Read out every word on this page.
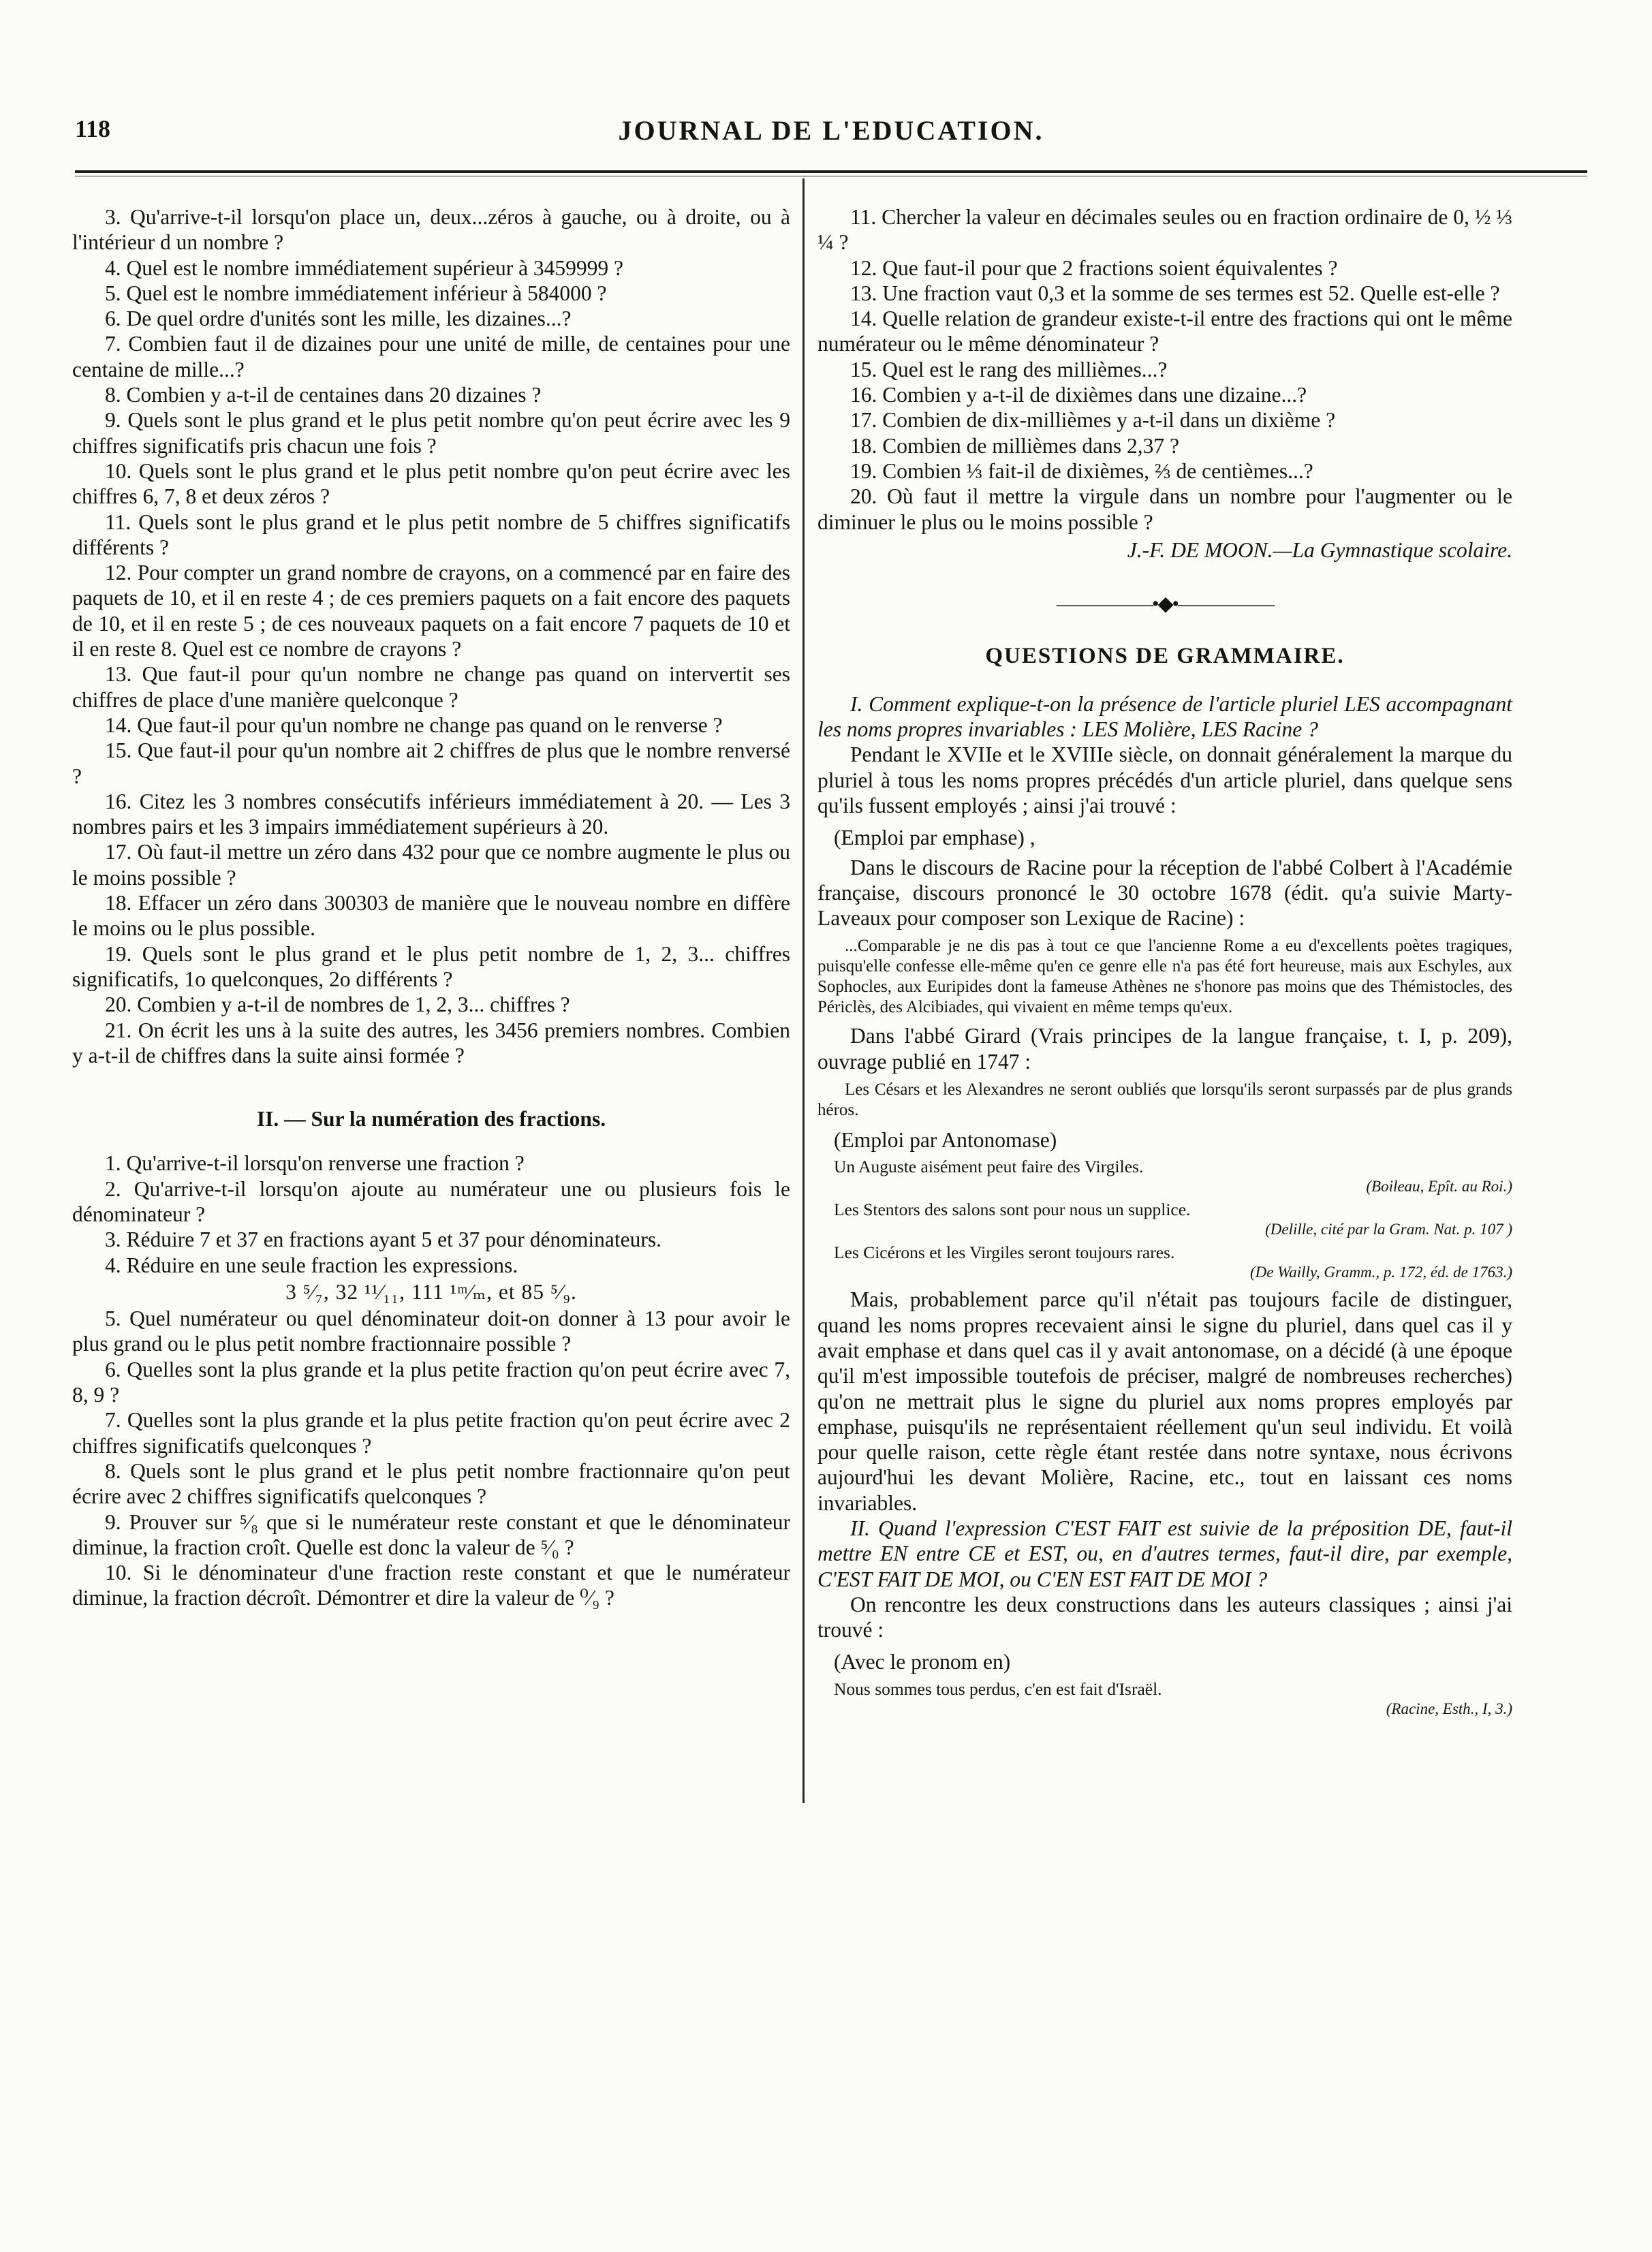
118	JOURNAL DE L'EDUCATION.

3. Qu'arrive-t-il lorsqu'on place un, deux...zéros à gauche, ou à droite, ou à l'intérieur d un nombre ?

4. Quel est le nombre immédiatement supérieur à 3459999 ?

5. Quel est le nombre immédiatement inférieur à 584000 ?

6. De quel ordre d'unités sont les mille, les dizaines...?

7. Combien faut il de dizaines pour une unité de mille, de centaines pour une centaine de mille...?

8. Combien y a-t-il de centaines dans 20 dizaines ?

9. Quels sont le plus grand et le plus petit nombre qu'on peut écrire avec les 9 chiffres significatifs pris chacun une fois ?

10. Quels sont le plus grand et le plus petit nombre qu'on peut écrire avec les chiffres 6, 7, 8 et deux zéros ?

11. Quels sont le plus grand et le plus petit nombre de 5 chiffres significatifs différents ?

12. Pour compter un grand nombre de crayons, on a commencé par en faire des paquets de 10, et il en reste 4 ; de ces premiers paquets on a fait encore des paquets de 10, et il en reste 5 ; de ces nouveaux paquets on a fait encore 7 paquets de 10 et il en reste 8. Quel est ce nombre de crayons ?

13. Que faut-il pour qu'un nombre ne change pas quand on intervertit ses chiffres de place d'une manière quelconque ?

14. Que faut-il pour qu'un nombre ne change pas quand on le renverse ?

15. Que faut-il pour qu'un nombre ait 2 chiffres de plus que le nombre renversé ?

16. Citez les 3 nombres consécutifs inférieurs immédiatement à 20. — Les 3 nombres pairs et les 3 impairs immédiatement supérieurs à 20.

17. Où faut-il mettre un zéro dans 432 pour que ce nombre augmente le plus ou le moins possible ?

18. Effacer un zéro dans 300303 de manière que le nouveau nombre en diffère le moins ou le plus possible.

19. Quels sont le plus grand et le plus petit nombre de 1, 2, 3... chiffres significatifs, 1o quelconques, 2o différents ?

20. Combien y a-t-il de nombres de 1, 2, 3... chiffres ?

21. On écrit les uns à la suite des autres, les 3456 premiers nombres. Combien y a-t-il de chiffres dans la suite ainsi formée ?

II. — Sur la numération des fractions.

1. Qu'arrive-t-il lorsqu'on renverse une fraction ?

2. Qu'arrive-t-il lorsqu'on ajoute au numérateur une ou plusieurs fois le dénominateur ?

3. Réduire 7 et 37 en fractions ayant 5 et 37 pour dénominateurs.

4. Réduire en une seule fraction les expressions.

3 ⁵⁄₇, 32 ¹¹⁄₁₁, 111 ¹ᵐ⁄ₘ, et 85 ⁵⁄₉.

5. Quel numérateur ou quel dénominateur doit-on donner à 13 pour avoir le plus grand ou le plus petit nombre fractionnaire possible ?

6. Quelles sont la plus grande et la plus petite fraction qu'on peut écrire avec 7, 8, 9 ?

7. Quelles sont la plus grande et la plus petite fraction qu'on peut écrire avec 2 chiffres significatifs quelconques ?

8. Quels sont le plus grand et le plus petit nombre fractionnaire qu'on peut écrire avec 2 chiffres significatifs quelconques ?

9. Prouver sur ⁵⁄₈ que si le numérateur reste constant et que le dénominateur diminue, la fraction croît. Quelle est donc la valeur de ⁵⁄₀ ?

10. Si le dénominateur d'une fraction reste constant et que le numérateur diminue, la fraction décroît. Démontrer et dire la valeur de ⁰⁄₉ ?

11. Chercher la valeur en décimales seules ou en fraction ordinaire de 0, ½ ⅓ ¼ ?

12. Que faut-il pour que 2 fractions soient équivalentes ?

13. Une fraction vaut 0,3 et la somme de ses termes est 52. Quelle est-elle ?

14. Quelle relation de grandeur existe-t-il entre des fractions qui ont le même numérateur ou le même dénominateur ?

15. Quel est le rang des millièmes...?

16. Combien y a-t-il de dixièmes dans une dizaine...?

17. Combien de dix-millièmes y a-t-il dans un dixième ?

18. Combien de millièmes dans 2,37 ?

19. Combien ⅓ fait-il de dixièmes, ⅔ de centièmes...?

20. Où faut il mettre la virgule dans un nombre pour l'augmenter ou le diminuer le plus ou le moins possible ?

J.-F. DE MOON.—La Gymnastique scolaire.

—————•◆•—————
QUESTIONS DE GRAMMAIRE.

I. Comment explique-t-on la présence de l'article pluriel LES accompagnant les noms propres invariables : LES Molière, LES Racine ?

Pendant le XVIIe et le XVIIIe siècle, on donnait généralement la marque du pluriel à tous les noms propres précédés d'un article pluriel, dans quelque sens qu'ils fussent employés ; ainsi j'ai trouvé :

(Emploi par emphase) ,

Dans le discours de Racine pour la réception de l'abbé Colbert à l'Académie française, discours prononcé le 30 octobre 1678 (édit. qu'a suivie Marty-Laveaux pour composer son Lexique de Racine) :

...Comparable je ne dis pas à tout ce que l'ancienne Rome a eu d'excellents poètes tragiques, puisqu'elle confesse elle-même qu'en ce genre elle n'a pas été fort heureuse, mais aux Eschyles, aux Sophocles, aux Euripides dont la fameuse Athènes ne s'honore pas moins que des Thémistocles, des Périclès, des Alcibiades, qui vivaient en même temps qu'eux.

Dans l'abbé Girard (Vrais principes de la langue française, t. I, p. 209), ouvrage publié en 1747 :

Les Césars et les Alexandres ne seront oubliés que lorsqu'ils seront surpassés par de plus grands héros.

(Emploi par Antonomase)

Un Auguste aisément peut faire des Virgiles.

(Boileau, Epît. au Roi.)

Les Stentors des salons sont pour nous un supplice.

(Delille, cité par la Gram. Nat. p. 107 )

Les Cicérons et les Virgiles seront toujours rares.

(De Wailly, Gramm., p. 172, éd. de 1763.)

Mais, probablement parce qu'il n'était pas toujours facile de distinguer, quand les noms propres recevaient ainsi le signe du pluriel, dans quel cas il y avait emphase et dans quel cas il y avait antonomase, on a décidé (à une époque qu'il m'est impossible toutefois de préciser, malgré de nombreuses recherches) qu'on ne mettrait plus le signe du pluriel aux noms propres employés par emphase, puisqu'ils ne représentaient réellement qu'un seul individu. Et voilà pour quelle raison, cette règle étant restée dans notre syntaxe, nous écrivons aujourd'hui les devant Molière, Racine, etc., tout en laissant ces noms invariables.

II. Quand l'expression C'EST FAIT est suivie de la préposition DE, faut-il mettre EN entre CE et EST, ou, en d'autres termes, faut-il dire, par exemple, C'EST FAIT DE MOI, ou C'EN EST FAIT DE MOI ?

On rencontre les deux constructions dans les auteurs classiques ; ainsi j'ai trouvé :

(Avec le pronom en)

Nous sommes tous perdus, c'en est fait d'Israël.

(Racine, Esth., I, 3.)
